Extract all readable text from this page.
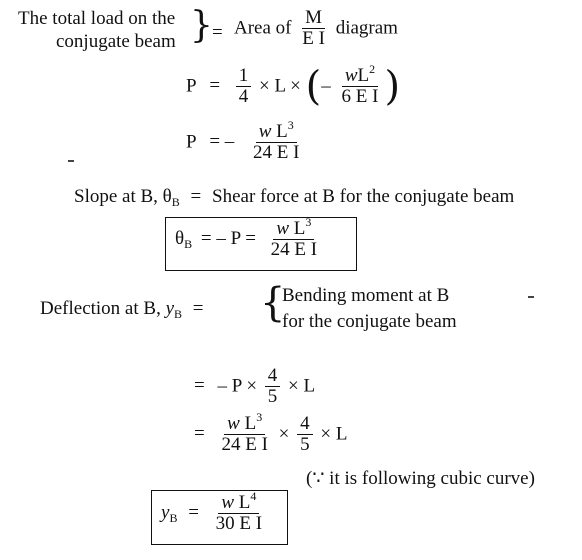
The total load on the
conjugate beam } = Area of $\frac{M}{\text{E I}}$ diagram
$P = \frac{1}{4} \times L$ × (– $\frac{wL^2}{\text{6 E I}}$ )
P = – $\frac{w L^3}{\text{24 E I}}$
Slope at B, $\theta_B$ = Shear force at B for the conjugate beam
$\theta_B$ = – $P = \frac{w L^3}{\text{24 E I}}$
Deflection at B, $y_B$ = {
Bending moment at B
for the conjugate beam
= – $P \times \frac{4}{5} \times L$
= $\frac{w L^3}{\text{24 E I}} \times \frac{4}{5} \times L$
(∵ it is following cubic curve)
$y_B = \frac{w L^4}{\text{30 E I}}$
